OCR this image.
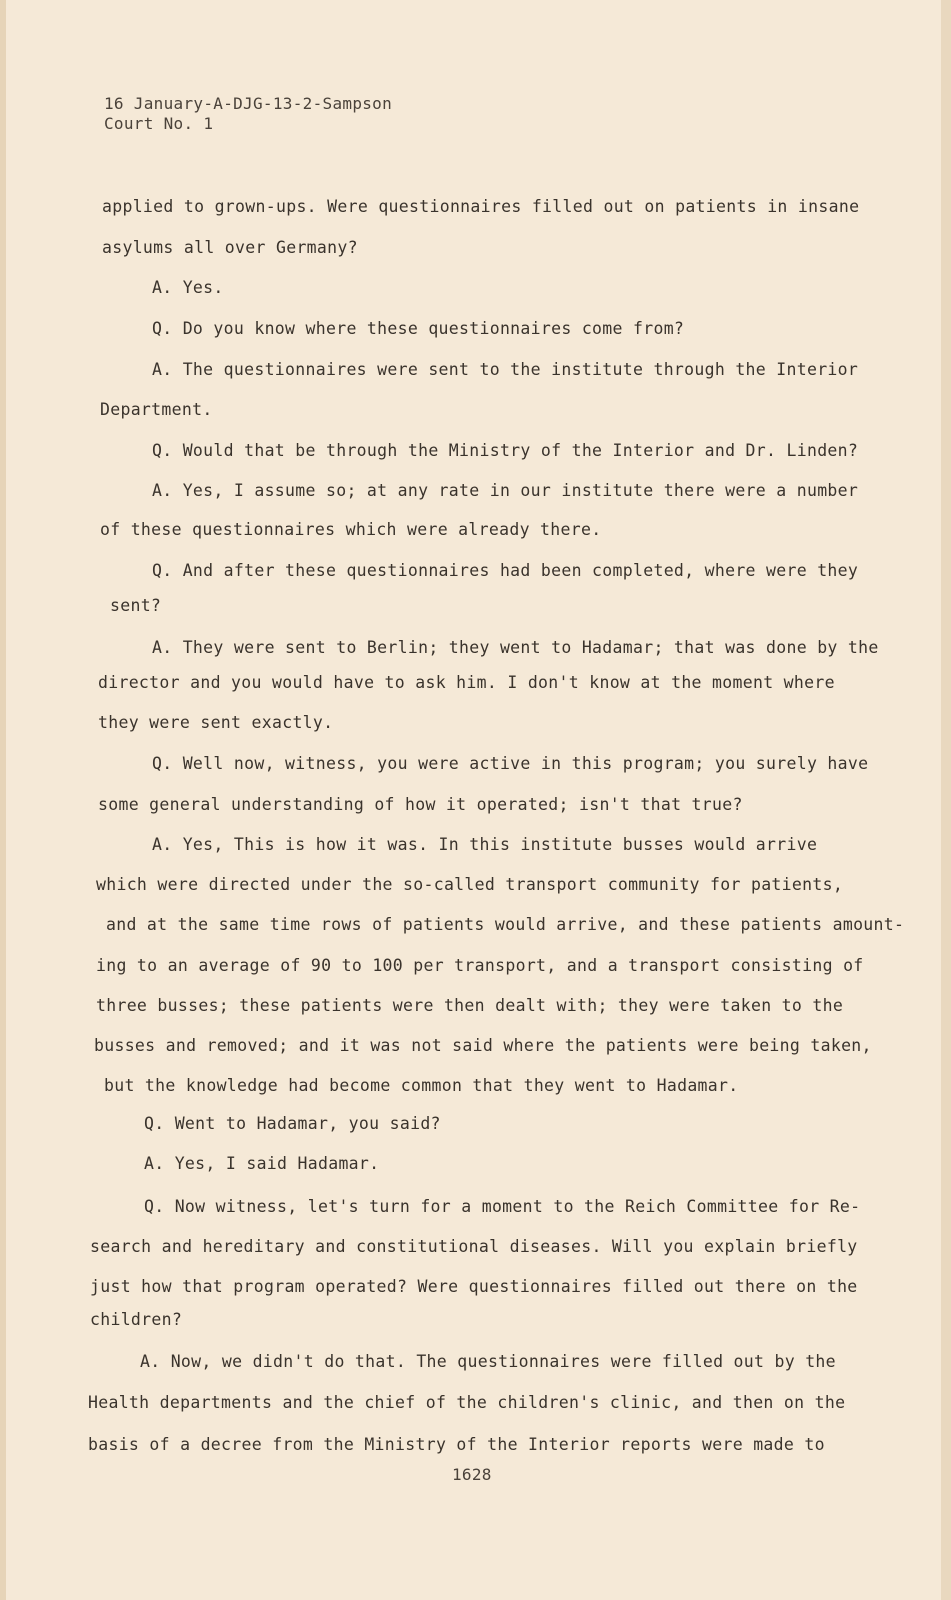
16 January-A-DJG-13-2-Sampson
Court No. 1
applied to grown-ups. Were questionnaires filled out on patients in insane
asylums all over Germany?
A. Yes.
Q. Do you know where these questionnaires come from?
A. The questionnaires were sent to the institute through the Interior
Department.
Q. Would that be through the Ministry of the Interior and Dr. Linden?
A. Yes, I assume so; at any rate in our institute there were a number
of these questionnaires which were already there.
Q. And after these questionnaires had been completed, where were they
sent?
A. They were sent to Berlin; they went to Hadamar; that was done by the
director and you would have to ask him. I don't know at the moment where
they were sent exactly.
Q. Well now, witness, you were active in this program; you surely have
some general understanding of how it operated; isn't that true?
A. Yes, This is how it was. In this institute busses would arrive
which were directed under the so-called transport community for patients,
and at the same time rows of patients would arrive, and these patients amount-
ing to an average of 90 to 100 per transport, and a transport consisting of
three busses; these patients were then dealt with; they were taken to the
busses and removed; and it was not said where the patients were being taken,
but the knowledge had become common that they went to Hadamar.
Q. Went to Hadamar, you said?
A. Yes, I said Hadamar.
Q. Now witness, let's turn for a moment to the Reich Committee for Re-
search and hereditary and constitutional diseases. Will you explain briefly
just how that program operated? Were questionnaires filled out there on the
children?
A. Now, we didn't do that. The questionnaires were filled out by the
Health departments and the chief of the children's clinic, and then on the
basis of a decree from the Ministry of the Interior reports were made to
1628
